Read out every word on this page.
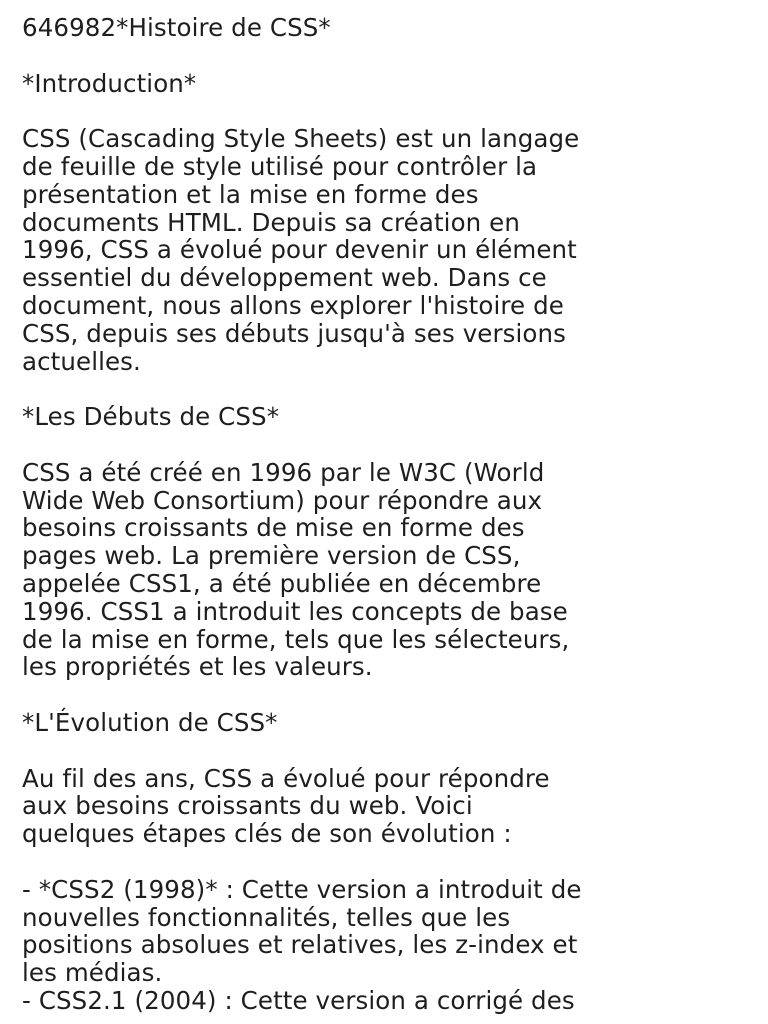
646982*Histoire de CSS*
*Introduction*
CSS (Cascading Style Sheets) est un langage
de feuille de style utilisé pour contrôler la
présentation et la mise en forme des
documents HTML. Depuis sa création en
1996, CSS a évolué pour devenir un élément
essentiel du développement web. Dans ce
document, nous allons explorer l'histoire de
CSS, depuis ses débuts jusqu'à ses versions
actuelles.
*Les Débuts de CSS*
CSS a été créé en 1996 par le W3C (World
Wide Web Consortium) pour répondre aux
besoins croissants de mise en forme des
pages web. La première version de CSS,
appelée CSS1, a été publiée en décembre
1996. CSS1 a introduit les concepts de base
de la mise en forme, tels que les sélecteurs,
les propriétés et les valeurs.
*L'Évolution de CSS*
Au fil des ans, CSS a évolué pour répondre
aux besoins croissants du web. Voici
quelques étapes clés de son évolution :
- *CSS2 (1998)* : Cette version a introduit de
nouvelles fonctionnalités, telles que les
positions absolues et relatives, les z-index et
les médias.
- CSS2.1 (2004) : Cette version a corrigé des
